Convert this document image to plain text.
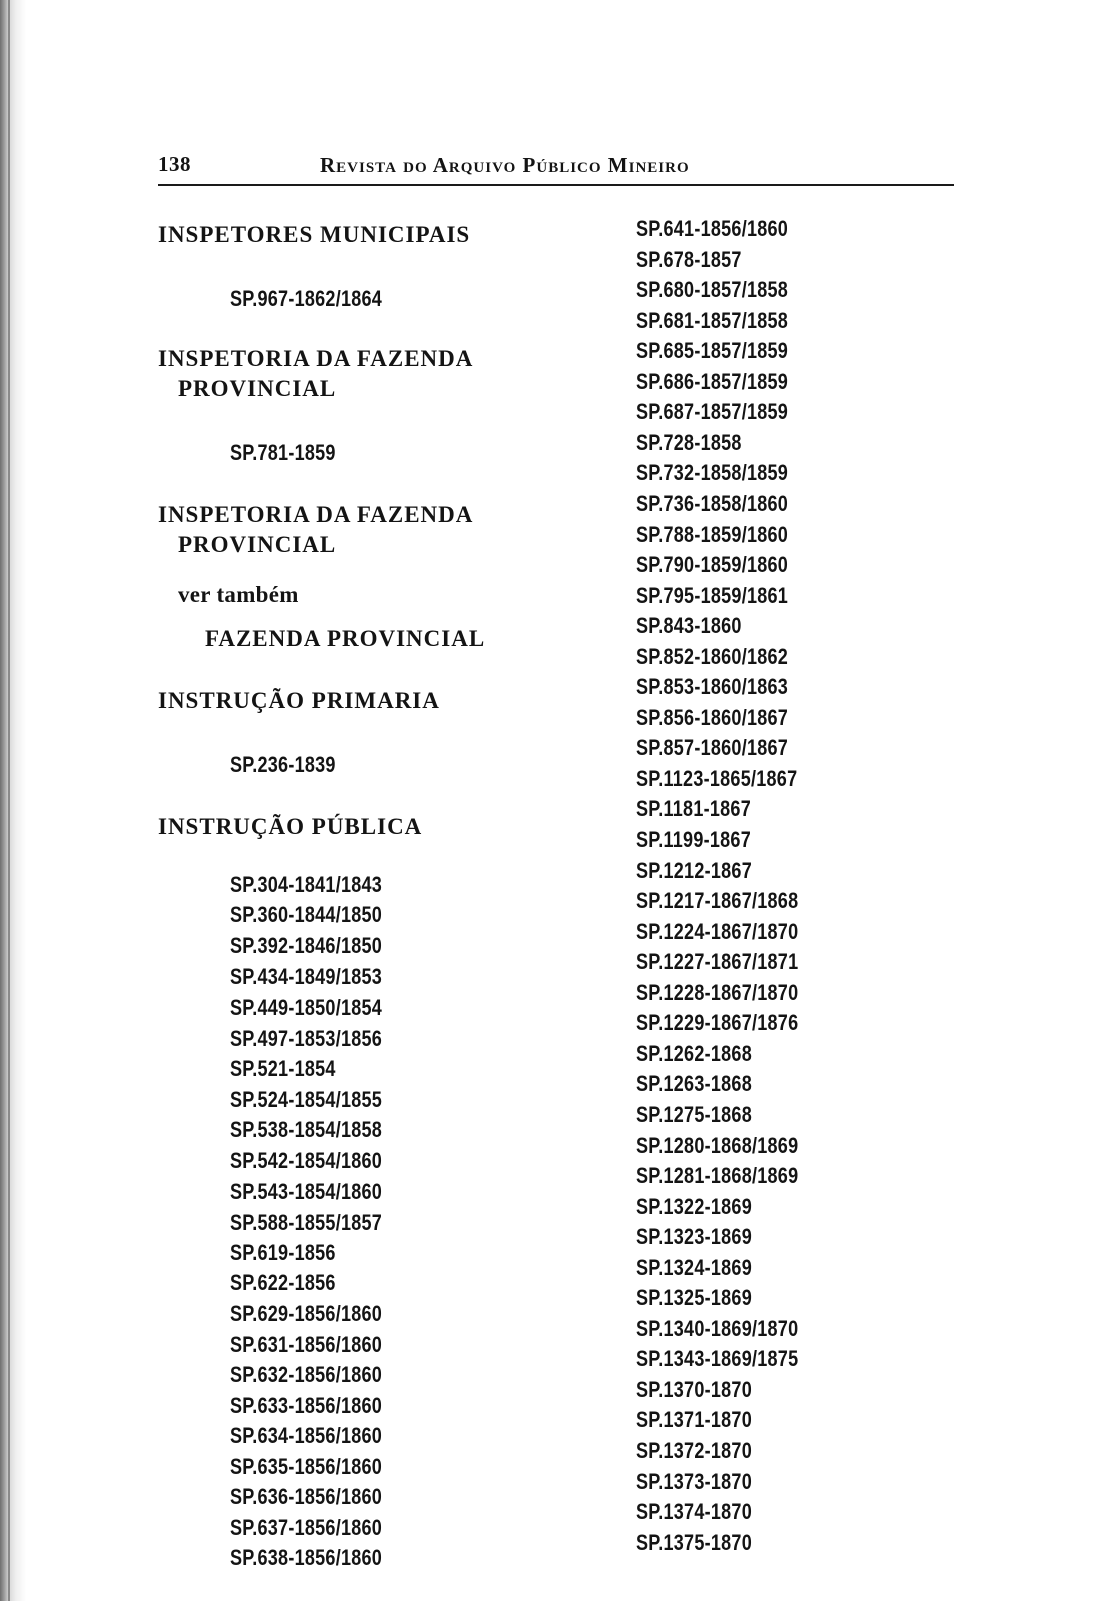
138	Revista do Arquivo Público Mineiro
INSPETORES MUNICIPAIS
SP.967-1862/1864
INSPETORIA DA FAZENDA
PROVINCIAL
SP.781-1859
INSPETORIA DA FAZENDA
PROVINCIAL
ver também
FAZENDA PROVINCIAL
INSTRUÇÃO PRIMARIA
SP.236-1839
INSTRUÇÃO PÚBLICA
SP.304-1841/1843
SP.360-1844/1850
SP.392-1846/1850
SP.434-1849/1853
SP.449-1850/1854
SP.497-1853/1856
SP.521-1854
SP.524-1854/1855
SP.538-1854/1858
SP.542-1854/1860
SP.543-1854/1860
SP.588-1855/1857
SP.619-1856
SP.622-1856
SP.629-1856/1860
SP.631-1856/1860
SP.632-1856/1860
SP.633-1856/1860
SP.634-1856/1860
SP.635-1856/1860
SP.636-1856/1860
SP.637-1856/1860
SP.638-1856/1860
SP.641-1856/1860
SP.678-1857
SP.680-1857/1858
SP.681-1857/1858
SP.685-1857/1859
SP.686-1857/1859
SP.687-1857/1859
SP.728-1858
SP.732-1858/1859
SP.736-1858/1860
SP.788-1859/1860
SP.790-1859/1860
SP.795-1859/1861
SP.843-1860
SP.852-1860/1862
SP.853-1860/1863
SP.856-1860/1867
SP.857-1860/1867
SP.1123-1865/1867
SP.1181-1867
SP.1199-1867
SP.1212-1867
SP.1217-1867/1868
SP.1224-1867/1870
SP.1227-1867/1871
SP.1228-1867/1870
SP.1229-1867/1876
SP.1262-1868
SP.1263-1868
SP.1275-1868
SP.1280-1868/1869
SP.1281-1868/1869
SP.1322-1869
SP.1323-1869
SP.1324-1869
SP.1325-1869
SP.1340-1869/1870
SP.1343-1869/1875
SP.1370-1870
SP.1371-1870
SP.1372-1870
SP.1373-1870
SP.1374-1870
SP.1375-1870
